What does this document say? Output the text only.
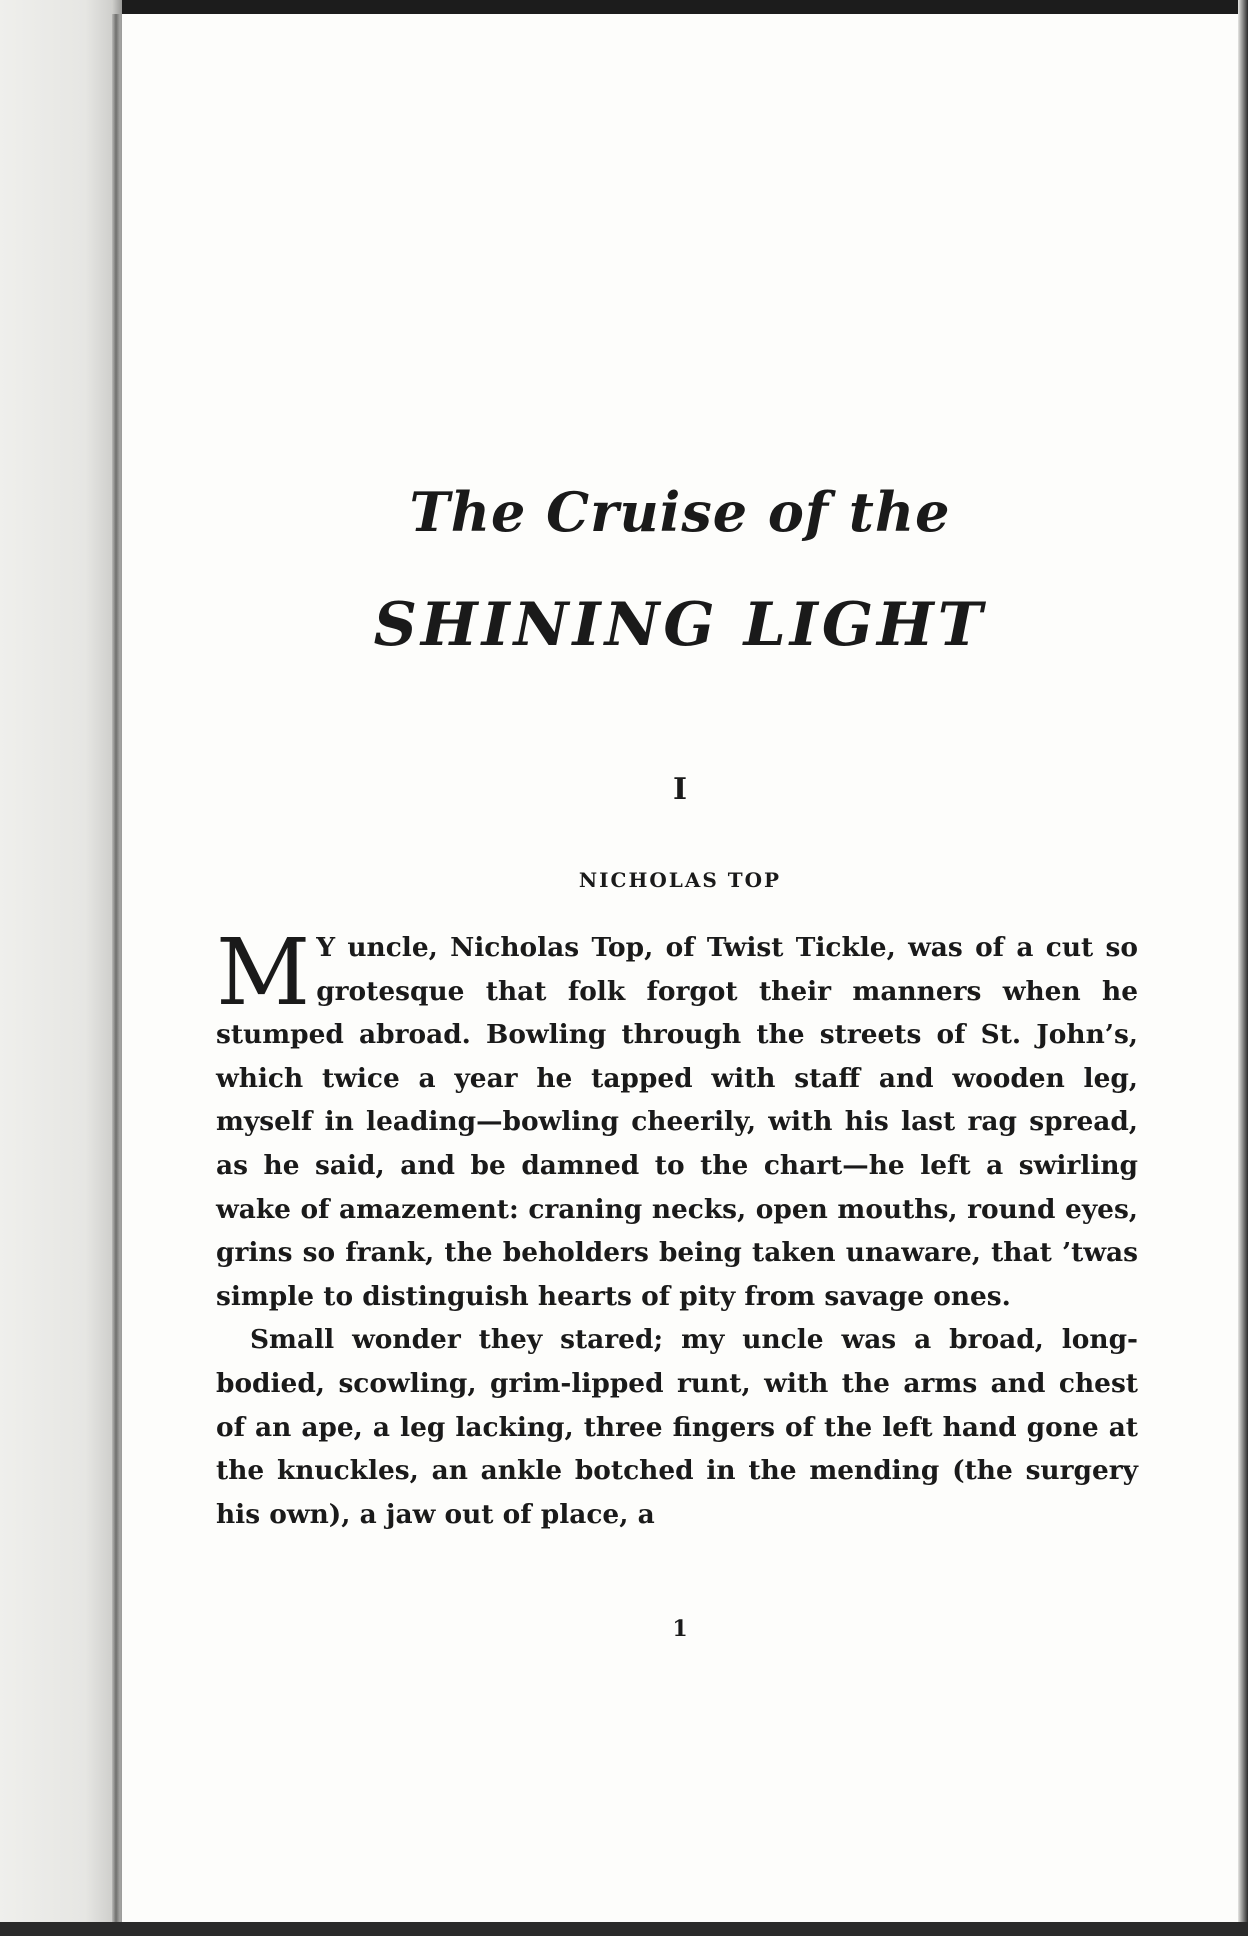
The Cruise of the
SHINING LIGHT
I
NICHOLAS TOP

M Y uncle, Nicholas Top, of Twist Tickle, was of a cut so grotesque that folk forgot their manners when he stumped abroad. Bowling through the streets of St. John’s, which twice a year he tapped with staff and wooden leg, myself in leading—bowling cheerily, with his last rag spread, as he said, and be damned to the chart—he left a swirling wake of amazement: craning necks, open mouths, round eyes, grins so frank, the beholders being taken unaware, that ’twas simple to distinguish hearts of pity from savage ones.

Small wonder they stared; my uncle was a broad, long-bodied, scowling, grim-lipped runt, with the arms and chest of an ape, a leg lacking, three fingers of the left hand gone at the knuckles, an ankle botched in the mending (the surgery his own), a jaw out of place, a

1
